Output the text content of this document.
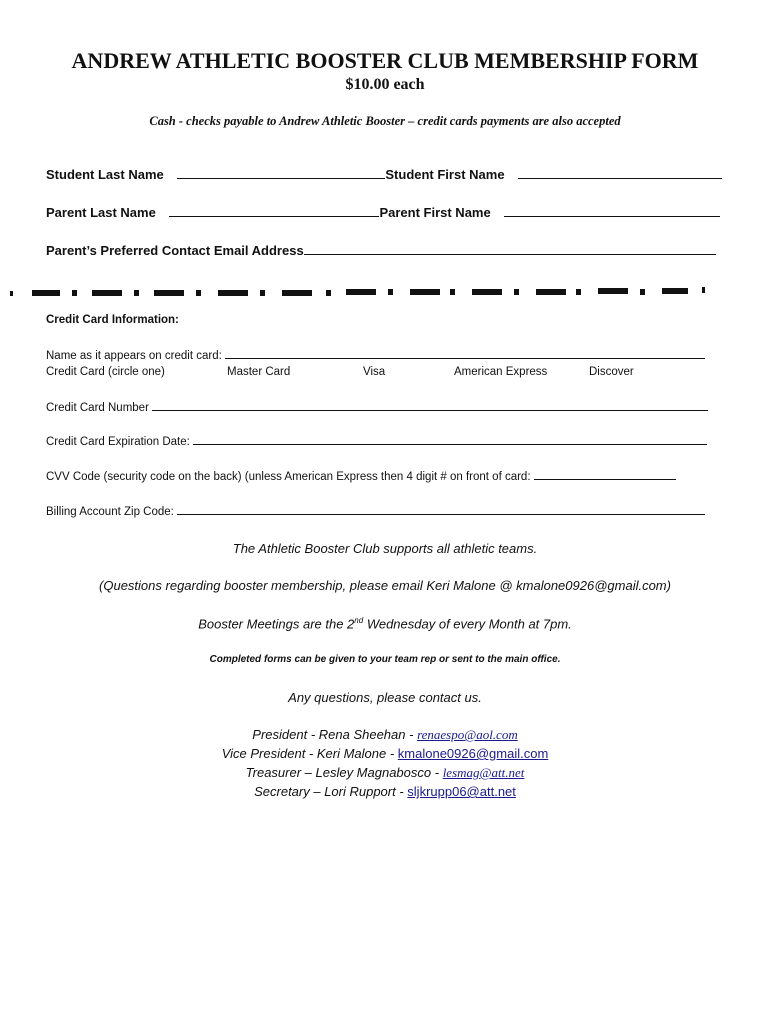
ANDREW ATHLETIC BOOSTER CLUB MEMBERSHIP FORM
$10.00 each
Cash - checks payable to Andrew Athletic Booster – credit cards payments are also accepted
Student Last Name	Student First Name
Parent Last Name	Parent First Name
Parent’s Preferred Contact Email Address
Credit Card Information:
Name as it appears on credit card:
Credit Card (circle one)	Master Card	Visa	American Express	Discover
Credit Card Number
Credit Card Expiration Date:
CVV Code (security code on the back) (unless American Express then 4 digit # on front of card:
Billing Account Zip Code:
The Athletic Booster Club supports all athletic teams.
(Questions regarding booster membership, please email Keri Malone @ kmalone0926@gmail.com)
Booster Meetings are the 2nd Wednesday of every Month at 7pm.
Completed forms can be given to your team rep or sent to the main office.
Any questions, please contact us.
President - Rena Sheehan - renaespo@aol.com
Vice President - Keri Malone - kmalone0926@gmail.com
Treasurer – Lesley Magnabosco - lesmag@att.net
Secretary – Lori Rupport - sljkrupp06@att.net
